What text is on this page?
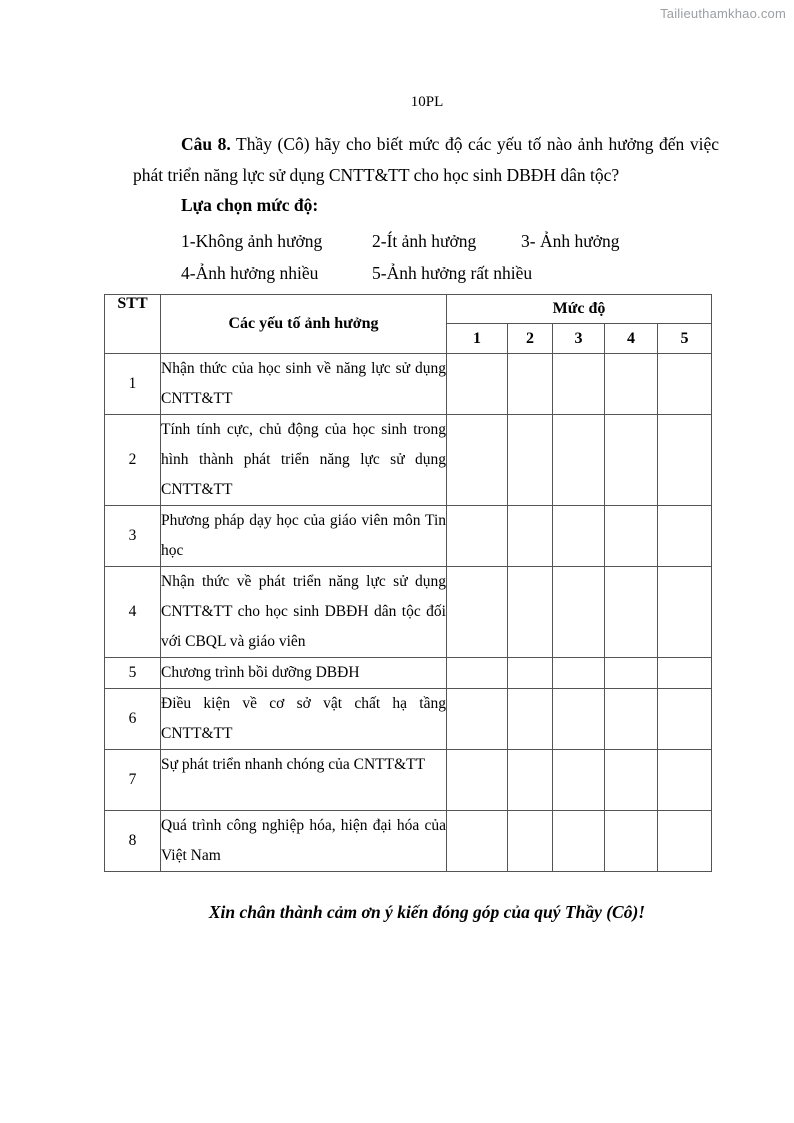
Tailieuthamkhao.com
10PL

Câu 8. Thầy (Cô) hãy cho biết mức độ các yếu tố nào ảnh hưởng đến việc phát triển năng lực sử dụng CNTT&TT cho học sinh DBĐH dân tộc?

Lựa chọn mức độ:
1-Không ảnh hưởng	2-Ít ảnh hưởng	3- Ảnh hưởng
4-Ảnh hưởng nhiều	5-Ảnh hưởng rất nhiều
STT	Các yếu tố ảnh hưởng	Mức độ				
		1	2	3	4	5
1	Nhận thức của học sinh về năng lực sử dụng CNTT&TT					
2	Tính tính cực, chủ động của học sinh trong hình thành phát triển năng lực sử dụng CNTT&TT					
3	Phương pháp dạy học của giáo viên môn Tin học					
4	Nhận thức về phát triển năng lực sử dụng CNTT&TT cho học sinh DBĐH dân tộc đối với CBQL và giáo viên					
5	Chương trình bồi dưỡng DBĐH					
6	Điều kiện về cơ sở vật chất hạ tầng CNTT&TT					
7	Sự phát triển nhanh chóng của CNTT&TT					
8	Quá trình công nghiệp hóa, hiện đại hóa của Việt Nam					
Xin chân thành cảm ơn ý kiến đóng góp của quý Thầy (Cô)!
